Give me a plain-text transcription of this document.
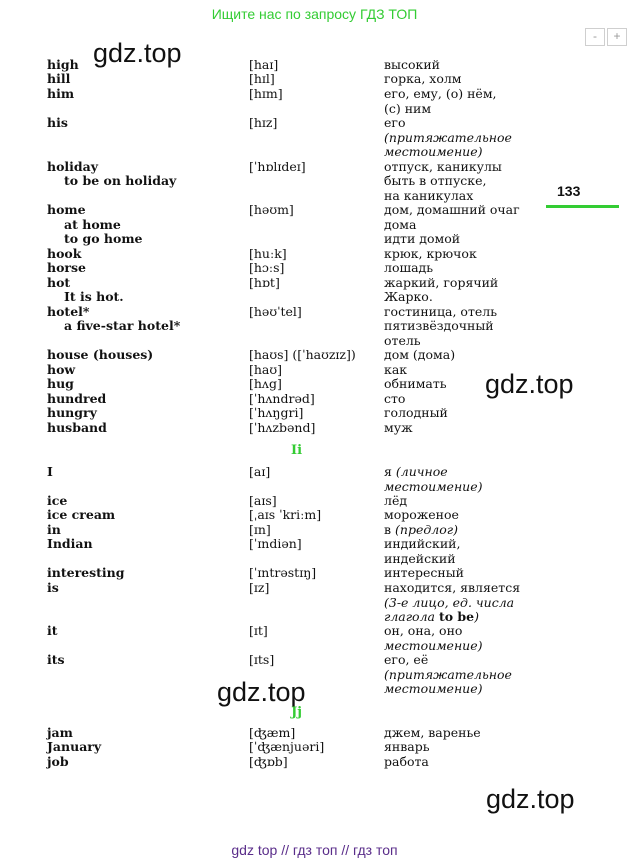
Ищите нас по запросу ГДЗ ТОП
-	+
gdz.top
gdz.top
gdz.top
gdz.top
133
high	[haɪ]	высокий
hill	[hɪl]	горка, холм
him	[hɪm]	его, ему, (о) нём,
(с) ним
his	[hɪz]	его
(притяжательное
местоимение)
holiday	[ˈhɒlɪdeɪ]	отпуск, каникулы
to be on holiday	быть в отпуске,
на каникулах
home	[həʊm]	дом, домашний очаг
at home	дома
to go home	идти домой
hook	[huːk]	крюк, крючок
horse	[hɔːs]	лошадь
hot	[hɒt]	жаркий, горячий
It is hot.	Жарко.
hotel*	[həʊˈtel]	гостиница, отель
a five-star hotel*	пятизвёздочный
отель
house (houses)	[haʊs] ([ˈhaʊzɪz]) дом (дома)
how	[haʊ]	как
hug	[hʌg]	обнимать
hundred	[ˈhʌndrəd]	сто
hungry	[ˈhʌŋgri]	голодный
husband	[ˈhʌzbənd]	муж
Ii
I	[aɪ]	я (личное
местоимение)
ice	[aɪs]	лёд
ice cream	[ˌaɪs ˈkriːm]	мороженое
in	[ɪn]	в (предлог)
Indian	[ˈɪndiən]	индийский,
индейский
interesting	[ˈɪntrəstɪŋ]	интересный
is	[ɪz]	находится, является
(3-е лицо, ед. числа
глагола to be)
it	[ɪt]	он, она, оно
местоимение)
its	[ɪts]	его, её
(притяжательное
местоимение)
Jj
jam	[ʤæm]	джем, варенье
January	[ˈʤænjuəri]	январь
job	[ʤɒb]	работа
gdz top // гдз топ // гдз топ
